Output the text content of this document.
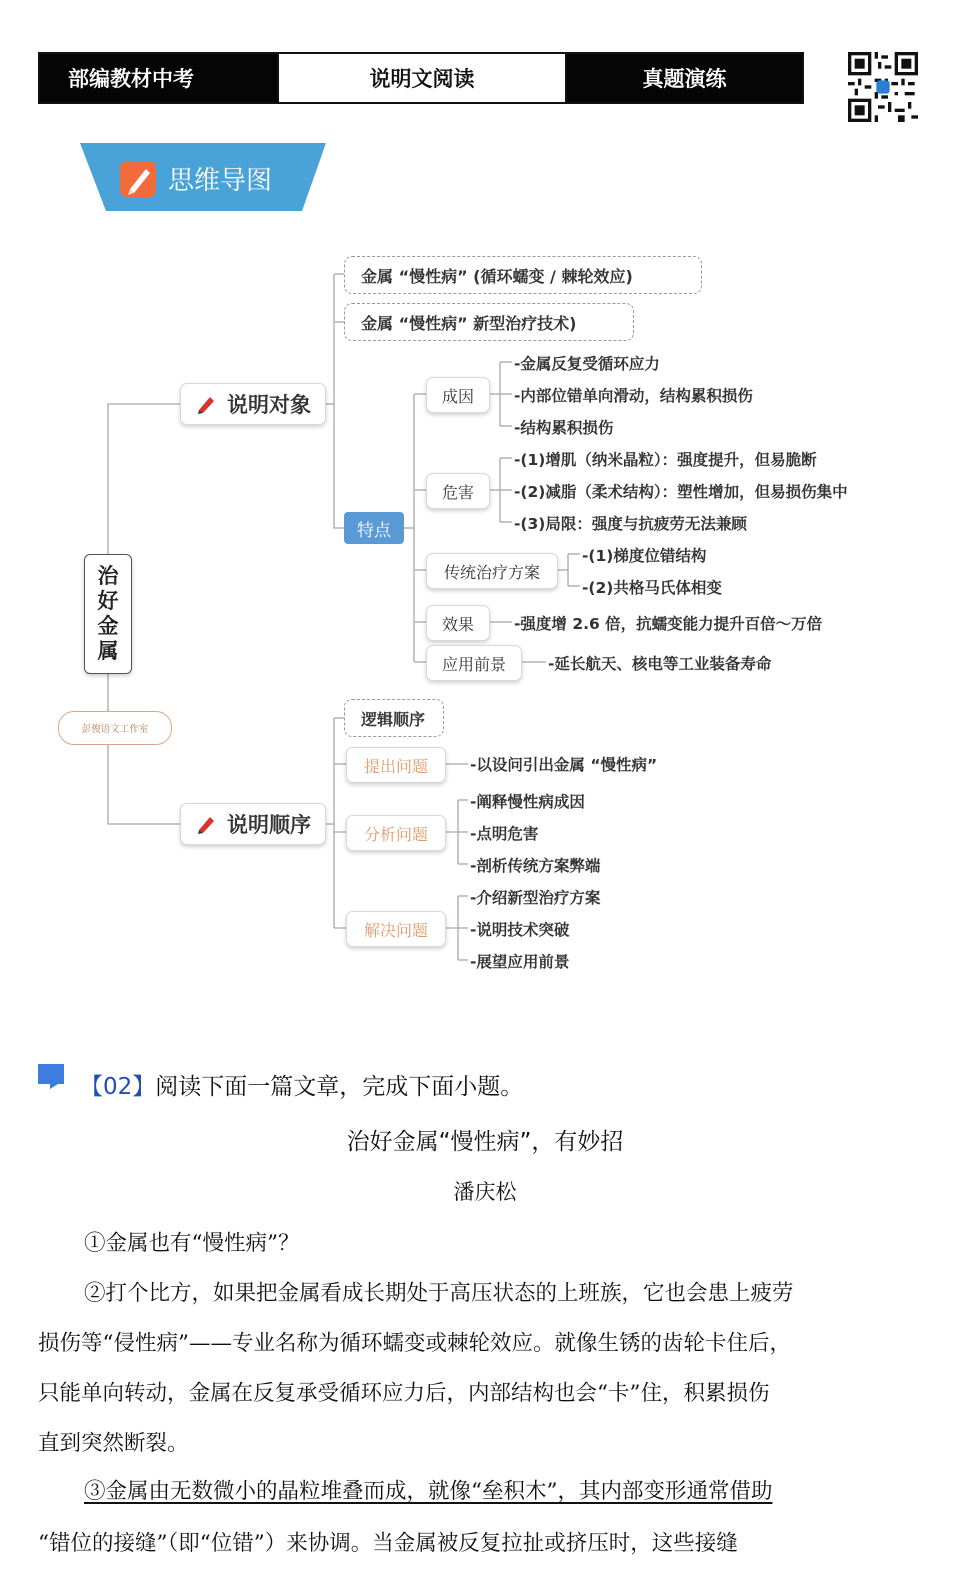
部编教材中考	说明文阅读	真题演练
思维导图
治
好
金
属
彭俊语文工作室
说明对象
金属 “慢性病” (循环蠕变 / 棘轮效应)
金属 “慢性病” 新型治疗技术)
特点
成因
-金属反复受循环应力
-内部位错单向滑动，结构累积损伤
-结构累积损伤
危害
-(1)增肌（纳米晶粒）：强度提升，但易脆断
-(2)减脂（柔术结构）：塑性增加，但易损伤集中
-(3)局限：强度与抗疲劳无法兼顾
传统治疗方案
-(1)梯度位错结构
-(2)共格马氏体相变
效果	-强度增 2.6 倍，抗蠕变能力提升百倍～万倍
应用前景	-延长航天、核电等工业装备寿命
说明顺序
逻辑顺序
提出问题	-以设问引出金属 “慢性病”
分析问题
-阐释慢性病成因
-点明危害
-剖析传统方案弊端
解决问题
-介绍新型治疗方案
-说明技术突破
-展望应用前景
【02】阅读下面一篇文章，完成下面小题。
治好金属“慢性病”，有妙招
潘庆松
①金属也有“慢性病”？
②打个比方，如果把金属看成长期处于高压状态的上班族，它也会患上疲劳
损伤等“侵性病”——专业名称为循环蠕变或棘轮效应。就像生锈的齿轮卡住后，
只能单向转动，金属在反复承受循环应力后，内部结构也会“卡”住，积累损伤
直到突然断裂。
③金属由无数微小的晶粒堆叠而成，就像“垒积木”，其内部变形通常借助
“错位的接缝”（即“位错”）来协调。当金属被反复拉扯或挤压时，这些接缝
